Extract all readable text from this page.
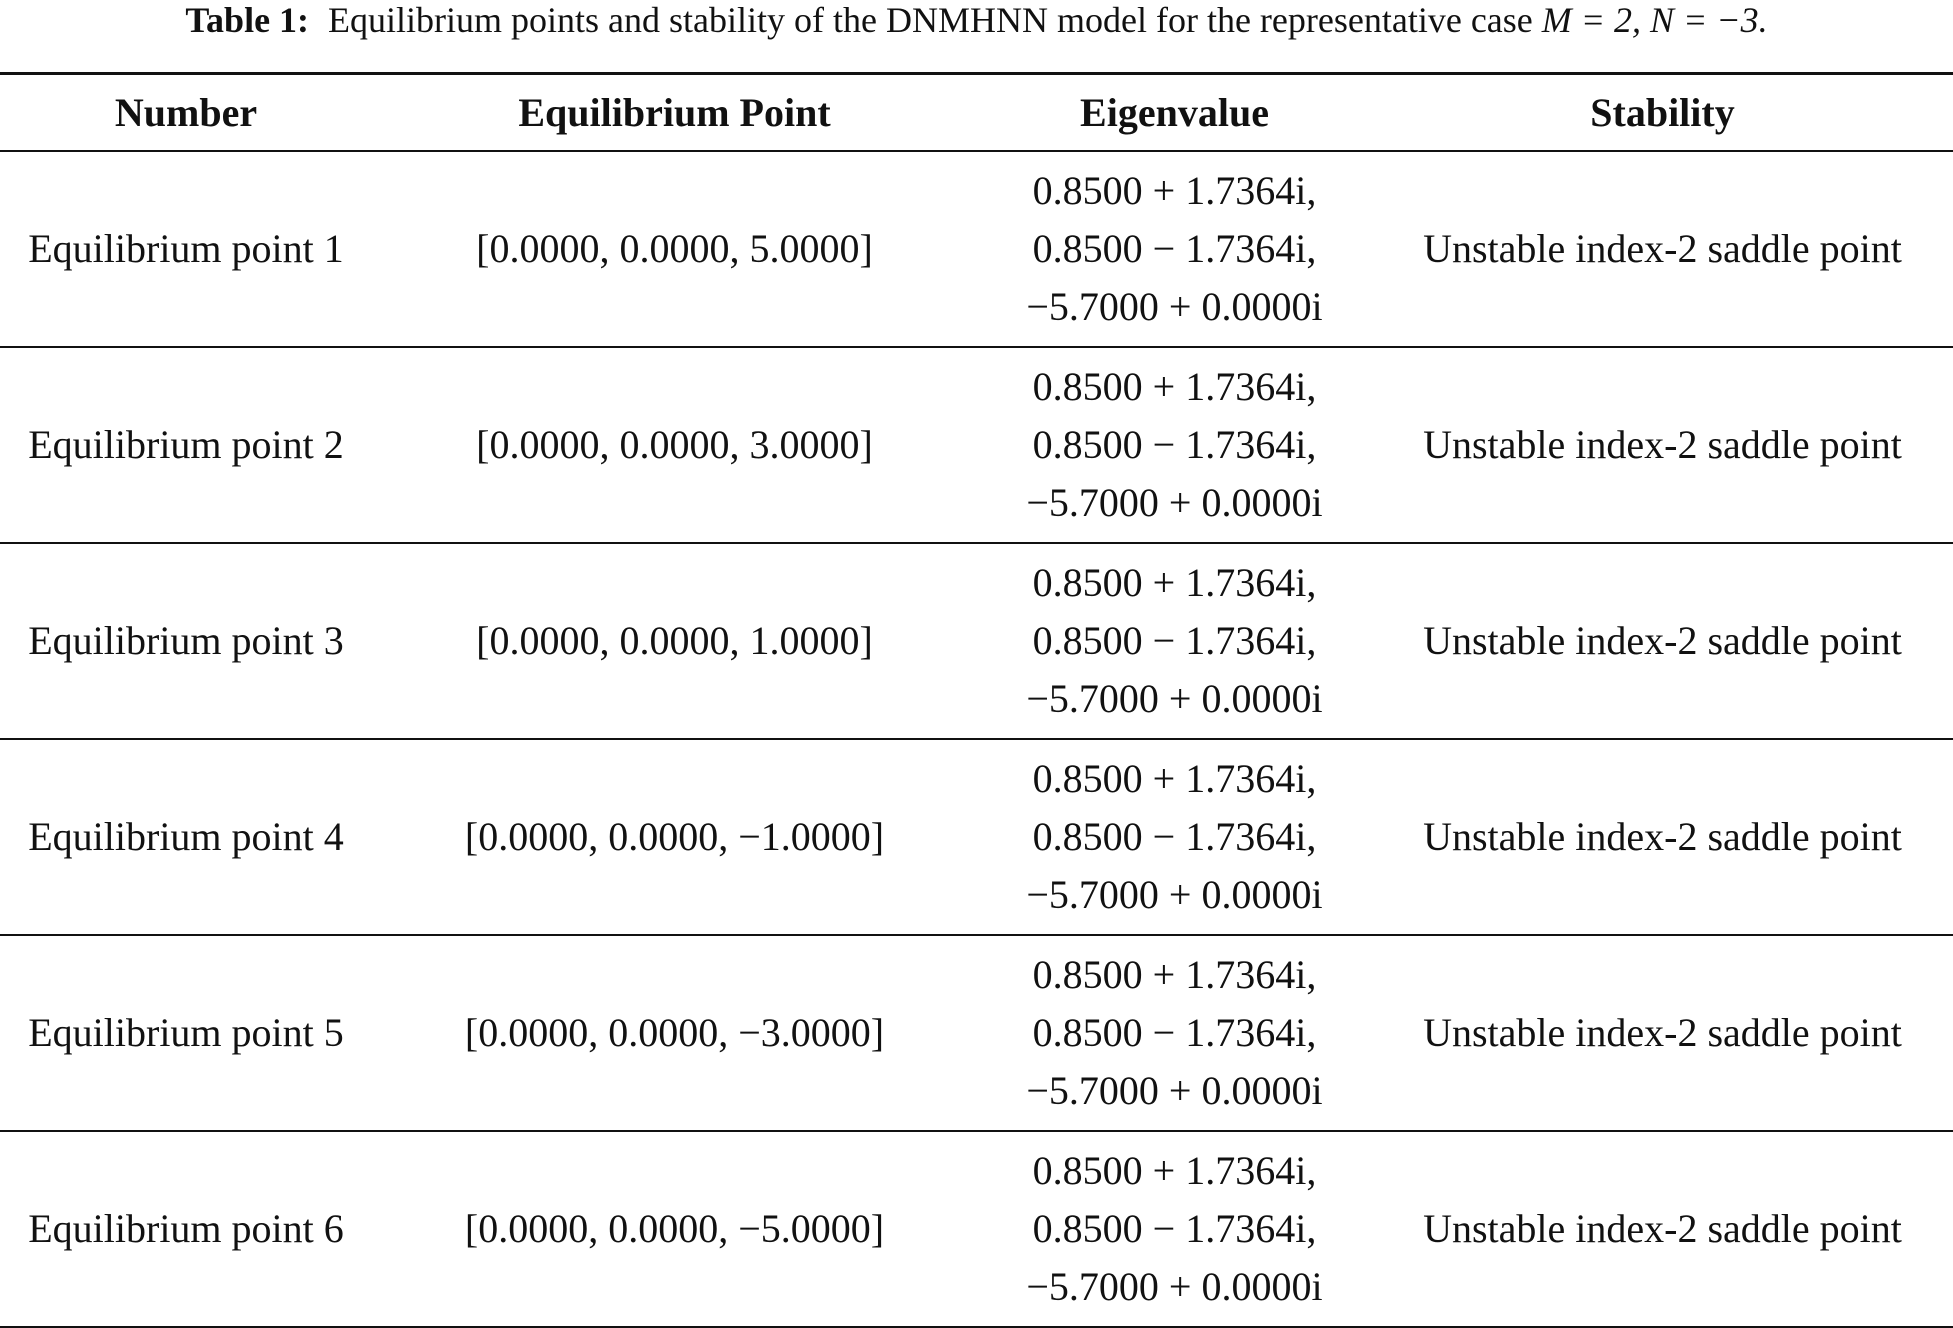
Table 1: Equilibrium points and stability of the DNMHNN model for the representative case M = 2, N = −3.
Number	Equilibrium Point	Eigenvalue	Stability
Equilibrium point 1	[0.0000, 0.0000, 5.0000]	0.8500 + 1.7364i,
0.8500 − 1.7364i,
−5.7000 + 0.0000i	Unstable index-2 saddle point
Equilibrium point 2	[0.0000, 0.0000, 3.0000]	0.8500 + 1.7364i,
0.8500 − 1.7364i,
−5.7000 + 0.0000i	Unstable index-2 saddle point
Equilibrium point 3	[0.0000, 0.0000, 1.0000]	0.8500 + 1.7364i,
0.8500 − 1.7364i,
−5.7000 + 0.0000i	Unstable index-2 saddle point
Equilibrium point 4	[0.0000, 0.0000, −1.0000]	0.8500 + 1.7364i,
0.8500 − 1.7364i,
−5.7000 + 0.0000i	Unstable index-2 saddle point
Equilibrium point 5	[0.0000, 0.0000, −3.0000]	0.8500 + 1.7364i,
0.8500 − 1.7364i,
−5.7000 + 0.0000i	Unstable index-2 saddle point
Equilibrium point 6	[0.0000, 0.0000, −5.0000]	0.8500 + 1.7364i,
0.8500 − 1.7364i,
−5.7000 + 0.0000i	Unstable index-2 saddle point
